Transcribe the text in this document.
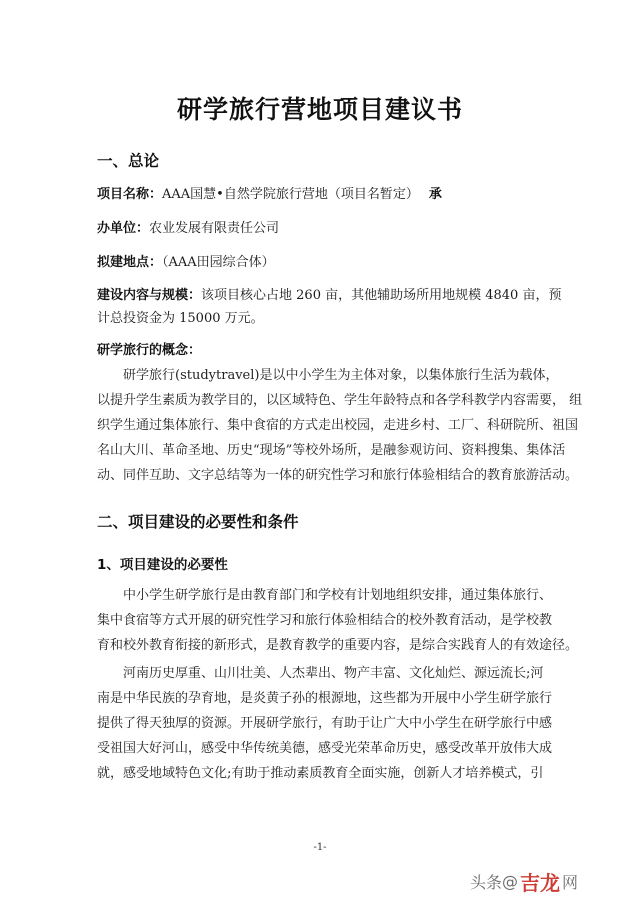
研学旅行营地项目建议书
一、总论
项目名称：AAA国慧•自然学院旅行营地（项目名暂定） 承
办单位：农业发展有限责任公司
拟建地点：（AAA田园综合体）
建设内容与规模：该项目核心占地 260 亩，其他辅助场所用地规模 4840 亩，预
计总投资金为 15000 万元。
研学旅行的概念：
研学旅行(studytravel)是以中小学生为主体对象，以集体旅行生活为载体，
以提升学生素质为教学目的，以区域特色、学生年龄特点和各学科教学内容需要， 组
织学生通过集体旅行、集中食宿的方式走出校园，走进乡村、工厂、科研院所、祖国
名山大川、革命圣地、历史“现场”等校外场所，是融参观访问、资料搜集、集体活
动、同伴互助、文字总结等为一体的研究性学习和旅行体验相结合的教育旅游活动。
二、项目建设的必要性和条件
1、项目建设的必要性
中小学生研学旅行是由教育部门和学校有计划地组织安排，通过集体旅行、
集中食宿等方式开展的研究性学习和旅行体验相结合的校外教育活动，是学校教
育和校外教育衔接的新形式，是教育教学的重要内容，是综合实践育人的有效途径。
河南历史厚重、山川壮美、人杰辈出、物产丰富、文化灿烂、源远流长;河
南是中华民族的孕育地，是炎黄子孙的根源地，这些都为开展中小学生研学旅行
提供了得天独厚的资源。开展研学旅行，有助于让广大中小学生在研学旅行中感
受祖国大好河山，感受中华传统美德，感受光荣革命历史，感受改革开放伟大成
就，感受地域特色文化;有助于推动素质教育全面实施，创新人才培养模式，引
-1-
头条 @ 吉龙 网
